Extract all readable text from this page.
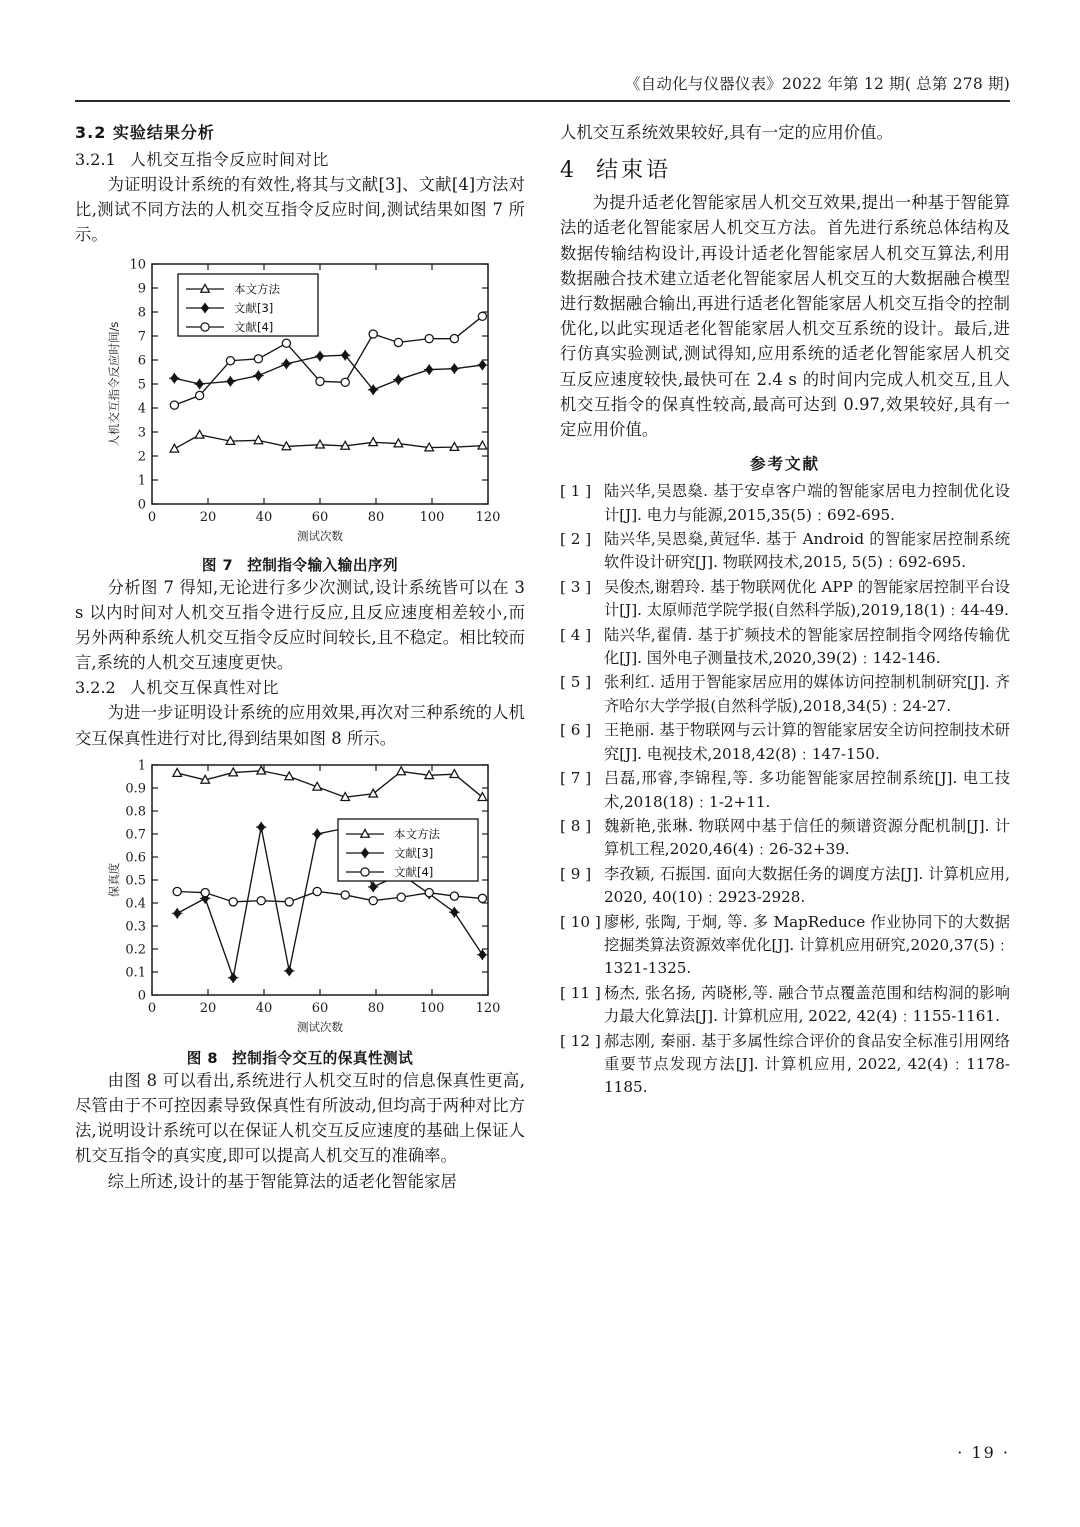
《自动化与仪器仪表》2022 年第 12 期( 总第 278 期)
3.2 实验结果分析
3.2.1 人机交互指令反应时间对比

为证明设计系统的有效性,将其与文献[3]、文献[4]方法对比,测试不同方法的人机交互指令反应时间,测试结果如图 7 所示。

0	20	40	60	80	100 120
0
1
2
3
4
5
6
7
8
9
10
测试次数
人机交互指令反应时间/s
本文方法
文献[3]
文献[4]
图 7 控制指令输入输出序列

分析图 7 得知,无论进行多少次测试,设计系统皆可以在 3 s 以内时间对人机交互指令进行反应,且反应速度相差较小,而另外两种系统人机交互指令反应时间较长,且不稳定。相比较而言,系统的人机交互速度更快。

3.2.2 人机交互保真性对比

为进一步证明设计系统的应用效果,再次对三种系统的人机交互保真性进行对比,得到结果如图 8 所示。

0	20	40	60	80	100 120
0
0.1
0.2
0.3
0.4
0.5
0.6
0.7
0.8
0.9
1
测试次数
保真度
本文方法
文献[3]
文献[4]
图 8 控制指令交互的保真性测试

由图 8 可以看出,系统进行人机交互时的信息保真性更高,尽管由于不可控因素导致保真性有所波动,但均高于两种对比方法,说明设计系统可以在保证人机交互反应速度的基础上保证人机交互指令的真实度,即可以提高人机交互的准确率。

综上所述,设计的基于智能算法的适老化智能家居

人机交互系统效果较好,具有一定的应用价值。

4 结束语

为提升适老化智能家居人机交互效果,提出一种基于智能算法的适老化智能家居人机交互方法。首先进行系统总体结构及数据传输结构设计,再设计适老化智能家居人机交互算法,利用数据融合技术建立适老化智能家居人机交互的大数据融合模型进行数据融合输出,再进行适老化智能家居人机交互指令的控制优化,以此实现适老化智能家居人机交互系统的设计。最后,进行仿真实验测试,测试得知,应用系统的适老化智能家居人机交互反应速度较快,最快可在 2.4 s 的时间内完成人机交互,且人机交互指令的保真性较高,最高可达到 0.97,效果较好,具有一定应用价值。

参考文献
[ 1 ] 陆兴华,吴恩燊. 基于安卓客户端的智能家居电力控制优化设计[J]. 电力与能源,2015,35(5)﹕692-695.
[ 2 ] 陆兴华,吴恩燊,黄冠华. 基于 Android 的智能家居控制系统软件设计研究[J]. 物联网技术,2015, 5(5)﹕692-695.
[ 3 ] 吴俊杰,谢碧玲. 基于物联网优化 APP 的智能家居控制平台设计[J]. 太原师范学院学报(自然科学版),2019,18(1)﹕44-49.
[ 4 ] 陆兴华,翟倩. 基于扩频技术的智能家居控制指令网络传输优化[J]. 国外电子测量技术,2020,39(2)﹕142-146.
[ 5 ] 张利红. 适用于智能家居应用的媒体访问控制机制研究[J]. 齐齐哈尔大学学报(自然科学版),2018,34(5)﹕24-27.
[ 6 ] 王艳丽. 基于物联网与云计算的智能家居安全访问控制技术研究[J]. 电视技术,2018,42(8)﹕147-150.
[ 7 ] 吕磊,邢睿,李锦程,等. 多功能智能家居控制系统[J]. 电工技术,2018(18)﹕1-2+11.
[ 8 ] 魏新艳,张琳. 物联网中基于信任的频谱资源分配机制[J]. 计算机工程,2020,46(4)﹕26-32+39.
[ 9 ] 李孜颖, 石振国. 面向大数据任务的调度方法[J]. 计算机应用, 2020, 40(10)﹕2923-2928.
[ 10 ] 廖彬, 张陶, 于炯, 等. 多 MapReduce 作业协同下的大数据挖掘类算法资源效率优化[J]. 计算机应用研究,2020,37(5)﹕1321-1325.
[ 11 ] 杨杰, 张名扬, 芮晓彬,等. 融合节点覆盖范围和结构洞的影响力最大化算法[J]. 计算机应用, 2022, 42(4)﹕1155-1161.
[ 12 ] 郝志刚, 秦丽. 基于多属性综合评价的食品安全标准引用网络重要节点发现方法[J]. 计算机应用, 2022, 42(4)﹕1178-1185.
· 19 ·
